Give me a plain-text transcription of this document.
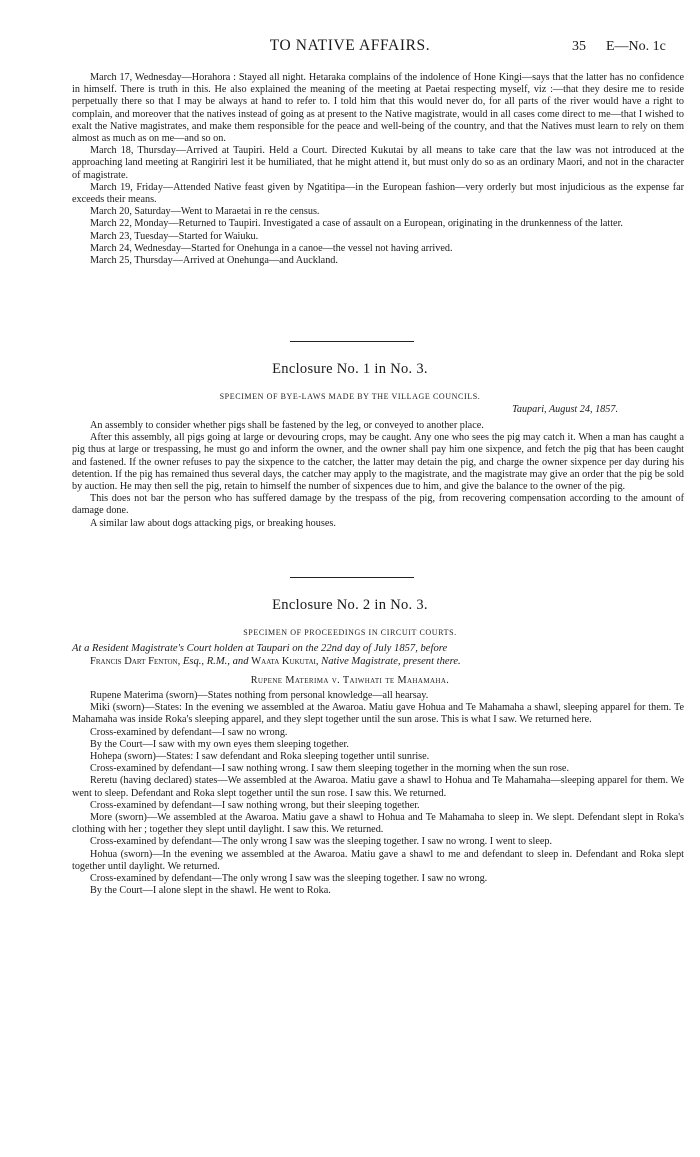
TO NATIVE AFFAIRS.	35 E—No. 1c

March 17, Wednesday—Horahora : Stayed all night. Hetaraka complains of the indolence of Hone Kingi—says that the latter has no confidence in himself. There is truth in this. He also explained the meaning of the meeting at Paetai respecting myself, viz :—that they desire me to reside perpetually there so that I may be always at hand to refer to. I told him that this would never do, for all parts of the river would have a right to complain, and moreover that the natives instead of going as at present to the Native magistrate, would in all cases come direct to me—that I wished to exalt the Native magistrates, and make them responsible for the peace and well-being of the country, and that the Natives must learn to rely on them almost as much as on me—and so on.

March 18, Thursday—Arrived at Taupiri. Held a Court. Directed Kukutai by all means to take care that the law was not introduced at the approaching land meeting at Rangiriri lest it be humiliated, that he might attend it, but must only do so as an ordinary Maori, and not in the character of magistrate.

March 19, Friday—Attended Native feast given by Ngatitipa—in the European fashion—very orderly but most injudicious as the expense far exceeds their means.

March 20, Saturday—Went to Maraetai in re the census.

March 22, Monday—Returned to Taupiri. Investigated a case of assault on a European, originating in the drunkenness of the latter.

March 23, Tuesday—Started for Waiuku.

March 24, Wednesday—Started for Onehunga in a canoe—the vessel not having arrived.

March 25, Thursday—Arrived at Onehunga—and Auckland.

Enclosure No. 1 in No. 3.
SPECIMEN OF BYE-LAWS MADE BY THE VILLAGE COUNCILS.
Taupari, August 24, 1857.

An assembly to consider whether pigs shall be fastened by the leg, or conveyed to another place.

After this assembly, all pigs going at large or devouring crops, may be caught. Any one who sees the pig may catch it. When a man has caught a pig thus at large or trespassing, he must go and inform the owner, and the owner shall pay him one sixpence, and fetch the pig that has been caught and fastened. If the owner refuses to pay the sixpence to the catcher, the latter may detain the pig, and charge the owner sixpence per day during his detention. If the pig has remained thus several days, the catcher may apply to the magistrate, and the magistrate may give an order that the pig be sold by auction. He may then sell the pig, retain to himself the number of sixpences due to him, and give the balance to the owner of the pig.

This does not bar the person who has suffered damage by the trespass of the pig, from recovering compensation according to the amount of damage done.

A similar law about dogs attacking pigs, or breaking houses.

Enclosure No. 2 in No. 3.
SPECIMEN OF PROCEEDINGS IN CIRCUIT COURTS.
At a Resident Magistrate's Court holden at Taupari on the 22nd day of July 1857, before
Francis Dart Fenton, Esq., R.M., and Waata Kukutai, Native Magistrate, present there.
Rupene Materima v. Taiwhati te Mahamaha.

Rupene Materima (sworn)—States nothing from personal knowledge—all hearsay.

Miki (sworn)—States: In the evening we assembled at the Awaroa. Matiu gave Hohua and Te Mahamaha a shawl, sleeping apparel for them. Te Mahamaha was inside Roka's sleeping apparel, and they slept together until the sun arose. This is what I saw. We returned here.

Cross-examined by defendant—I saw no wrong.

By the Court—I saw with my own eyes them sleeping together.

Hohepa (sworn)—States: I saw defendant and Roka sleeping together until sunrise.

Cross-examined by defendant—I saw nothing wrong. I saw them sleeping together in the morning when the sun rose.

Reretu (having declared) states—We assembled at the Awaroa. Matiu gave a shawl to Hohua and Te Mahamaha—sleeping apparel for them. We went to sleep. Defendant and Roka slept together until the sun rose. I saw this. We returned.

Cross-examined by defendant—I saw nothing wrong, but their sleeping together.

More (sworn)—We assembled at the Awaroa. Matiu gave a shawl to Hohua and Te Mahamaha to sleep in. We slept. Defendant slept in Roka's clothing with her ; together they slept until daylight. I saw this. We returned.

Cross-examined by defendant—The only wrong I saw was the sleeping together. I saw no wrong. I went to sleep.

Hohua (sworn)—In the evening we assembled at the Awaroa. Matiu gave a shawl to me and defendant to sleep in. Defendant and Roka slept together until daylight. We returned.

Cross-examined by defendant—The only wrong I saw was the sleeping together. I saw no wrong.

By the Court—I alone slept in the shawl. He went to Roka.
